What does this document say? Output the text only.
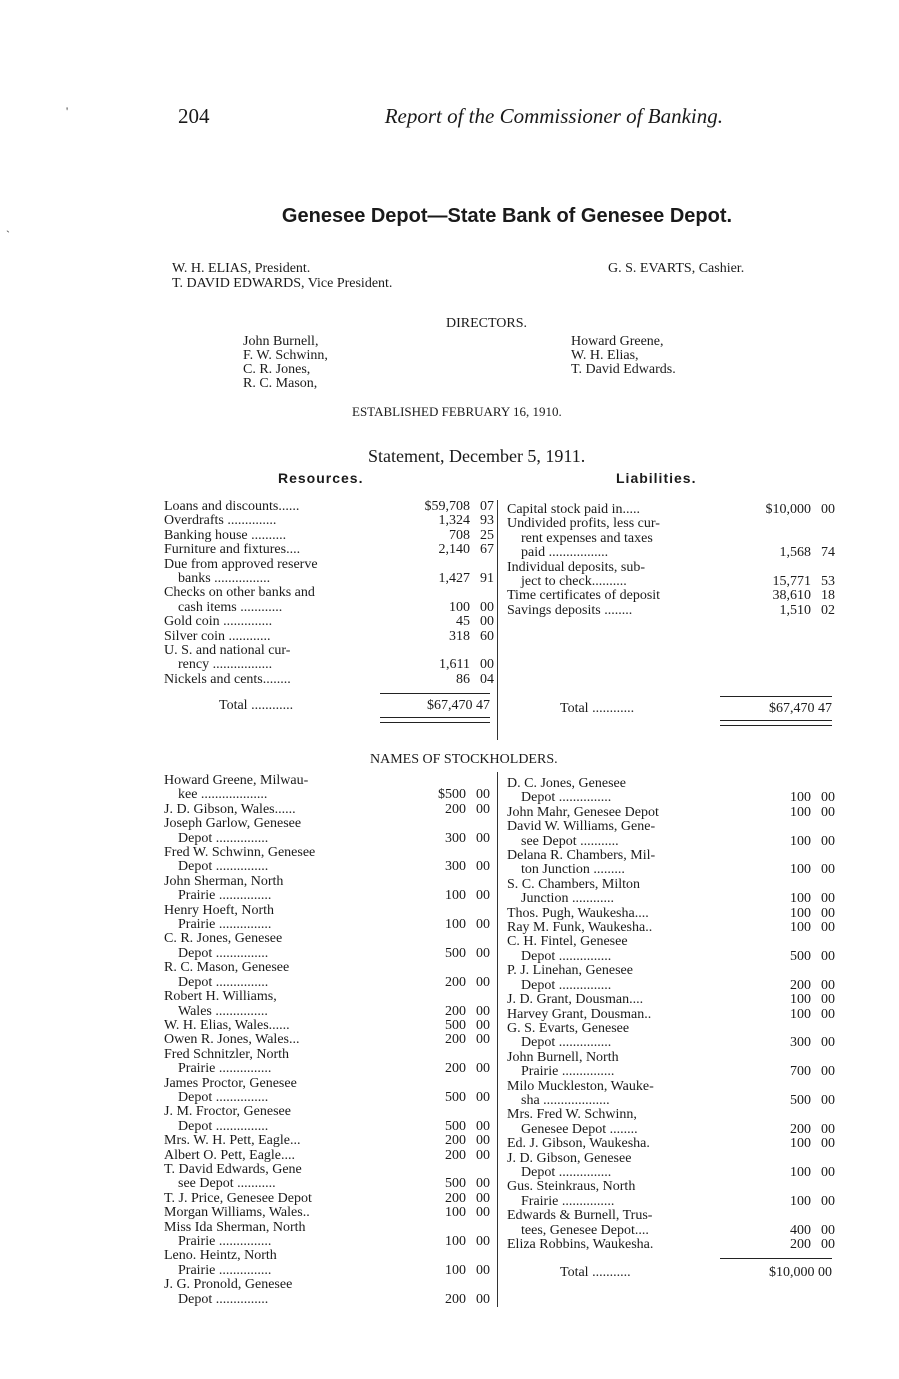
204	Report of the Commissioner of Banking.
Genesee Depot—State Bank of Genesee Depot.
W. H. ELIAS, President.
T. DAVID EDWARDS, Vice President.
G. S. EVARTS, Cashier.
DIRECTORS.
John Burnell,
F. W. Schwinn,
C. R. Jones,
R. C. Mason,
Howard Greene,
W. H. Elias,
T. David Edwards.
ESTABLISHED FEBRUARY 16, 1910.
Statement, December 5, 1911.
Resources.	Liabilities.
Loans and discounts......	$59,708 07
Overdrafts ..............	1,324 93
Banking house ..........	708 25
Furniture and fixtures....	2,140 67
Due from approved reserve
banks ................	1,427 91
Checks on other banks and
cash items ............	100 00
Gold coin ..............	45 00
Silver coin ............	318 60
U. S. and national cur-
rency .................	1,611 00
Nickels and cents........	86 04
Capital stock paid in.....	$10,000 00
Undivided profits, less cur-
rent expenses and taxes
paid .................	1,568 74
Individual deposits, sub-
ject to check..........	15,771 53
Time certificates of deposit	38,610 18
Savings deposits ........	1,510 02
Total ............	$67,470 47	Total ............	$67,470 47
NAMES OF STOCKHOLDERS.
Howard Greene, Milwau-
kee ...................	$500 00
J. D. Gibson, Wales......	200 00
Joseph Garlow, Genesee
Depot ...............	300 00
Fred W. Schwinn, Genesee
Depot ...............	300 00
John Sherman, North
Prairie ...............	100 00
Henry Hoeft, North
Prairie ...............	100 00
C. R. Jones, Genesee
Depot ...............	500 00
R. C. Mason, Genesee
Depot ...............	200 00
Robert H. Williams,
Wales ...............	200 00
W. H. Elias, Wales......	500 00
Owen R. Jones, Wales...	200 00
Fred Schnitzler, North
Prairie ...............	200 00
James Proctor, Genesee
Depot ...............	500 00
J. M. Froctor, Genesee
Depot ...............	500 00
Mrs. W. H. Pett, Eagle...	200 00
Albert O. Pett, Eagle....	200 00
T. David Edwards, Gene
see Depot ...........	500 00
T. J. Price, Genesee Depot	200 00
Morgan Williams, Wales..	100 00
Miss Ida Sherman, North
Prairie ...............	100 00
Leno. Heintz, North
Prairie ...............	100 00
J. G. Pronold, Genesee
Depot ...............	200 00
D. C. Jones, Genesee
Depot ...............	100 00
John Mahr, Genesee Depot	100 00
David W. Williams, Gene-
see Depot ...........	100 00
Delana R. Chambers, Mil-
ton Junction .........	100 00
S. C. Chambers, Milton
Junction ............	100 00
Thos. Pugh, Waukesha....	100 00
Ray M. Funk, Waukesha..	100 00
C. H. Fintel, Genesee
Depot ...............	500 00
P. J. Linehan, Genesee
Depot ...............	200 00
J. D. Grant, Dousman....	100 00
Harvey Grant, Dousman..	100 00
G. S. Evarts, Genesee
Depot ...............	300 00
John Burnell, North
Prairie ...............	700 00
Milo Muckleston, Wauke-
sha ...................	500 00
Mrs. Fred W. Schwinn,
Genesee Depot ........	200 00
Ed. J. Gibson, Waukesha.	100 00
J. D. Gibson, Genesee
Depot ...............	100 00
Gus. Steinkraus, North
Frairie ...............	100 00
Edwards & Burnell, Trus-
tees, Genesee Depot....	400 00
Eliza Robbins, Waukesha.	200 00
Total ...........	$10,000 00
'
`
